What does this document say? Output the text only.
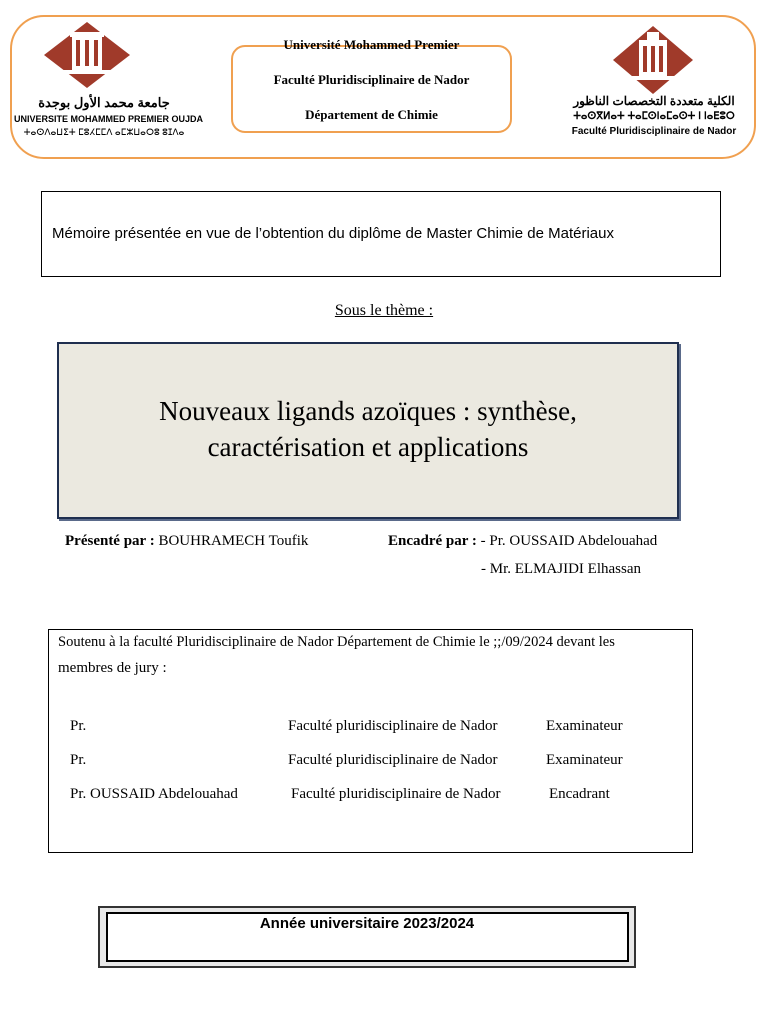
جامعة محمد الأول بوجدة
UNIVERSITE MOHAMMED PREMIER OUJDA
ⵜⴰⵙⴷⴰⵡⵉⵜ ⵎⵓⵃⵎⵎⴷ ⴰⵎⵣⵡⴰⵔⵓ ⵓⵊⴷⴰ
Université Mohammed Premier
Faculté Pluridisciplinaire de Nador
Département de Chimie
الكلية متعددة التخصصات الناظور
ⵜⴰⵙⴳⵍⴰⵜ ⵜⴰⵎⵙⵏⴰⵎⴰⵙⵜ ⵏ ⵏⴰⴹⵓⵔ
Faculté Pluridisciplinaire de Nador
Mémoire présentée en vue de l’obtention du diplôme de Master Chimie de Matériaux
Sous le thème :
Nouveaux ligands azoïques : synthèse,
caractérisation et applications
Présenté par : BOUHRAMECH Toufik	Encadré par : - Pr. OUSSAID Abdelouahad
- Mr. ELMAJIDI Elhassan
Soutenu à la faculté Pluridisciplinaire de Nador Département de Chimie le ;;/09/2024 devant les
membres de jury :
Pr.	Faculté pluridisciplinaire de Nador	Examinateur
Pr.	Faculté pluridisciplinaire de Nador	Examinateur
Pr. OUSSAID Abdelouahad	Faculté pluridisciplinaire de Nador	Encadrant
Année universitaire 2023/2024
